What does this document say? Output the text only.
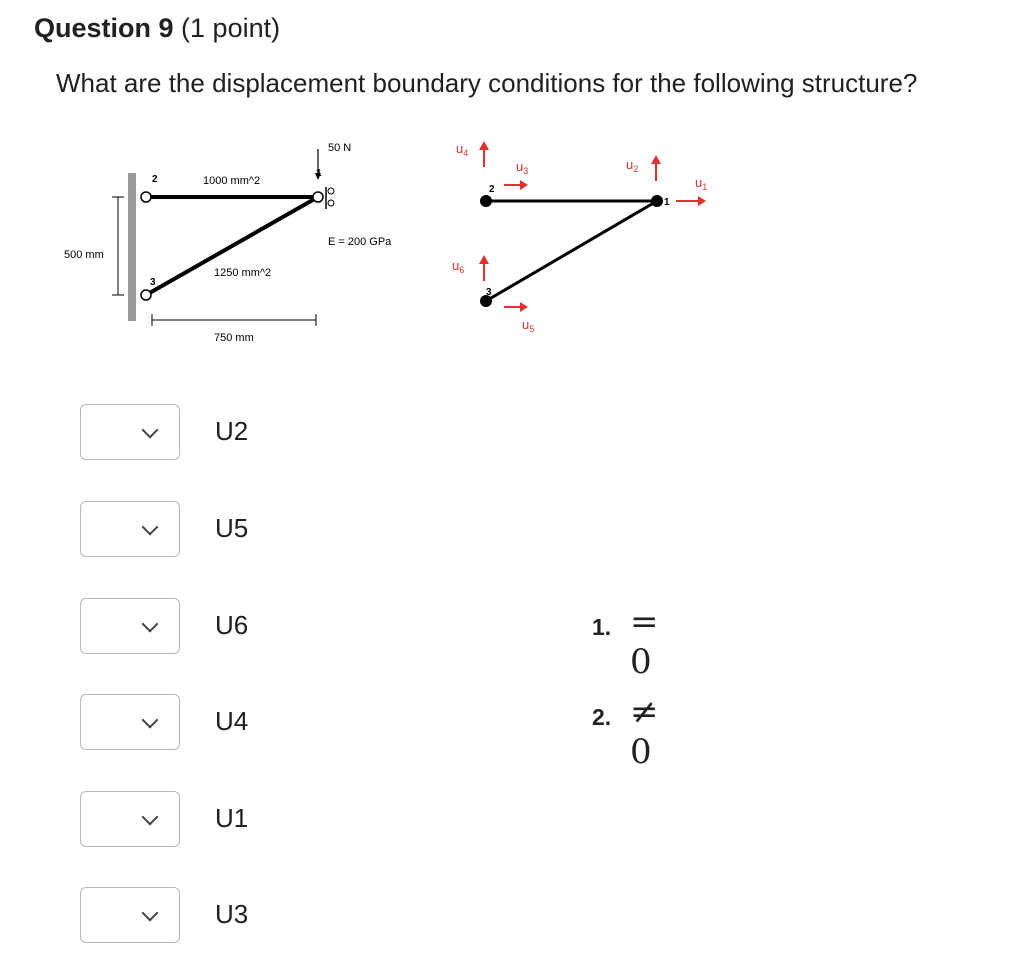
Question 9 (1 point)
What are the displacement boundary conditions for the following structure?
50 N
1
2
3
1000 mm^2
1250 mm^2
E = 200 GPa
500 mm
750 mm
2
3
1
$u_4$
$u_3$	$u_2$
$u_1$
$u_6$
$u_5$
U2
U5
U6
U4
U1
U3
1. = 0
2. ≠ 0
